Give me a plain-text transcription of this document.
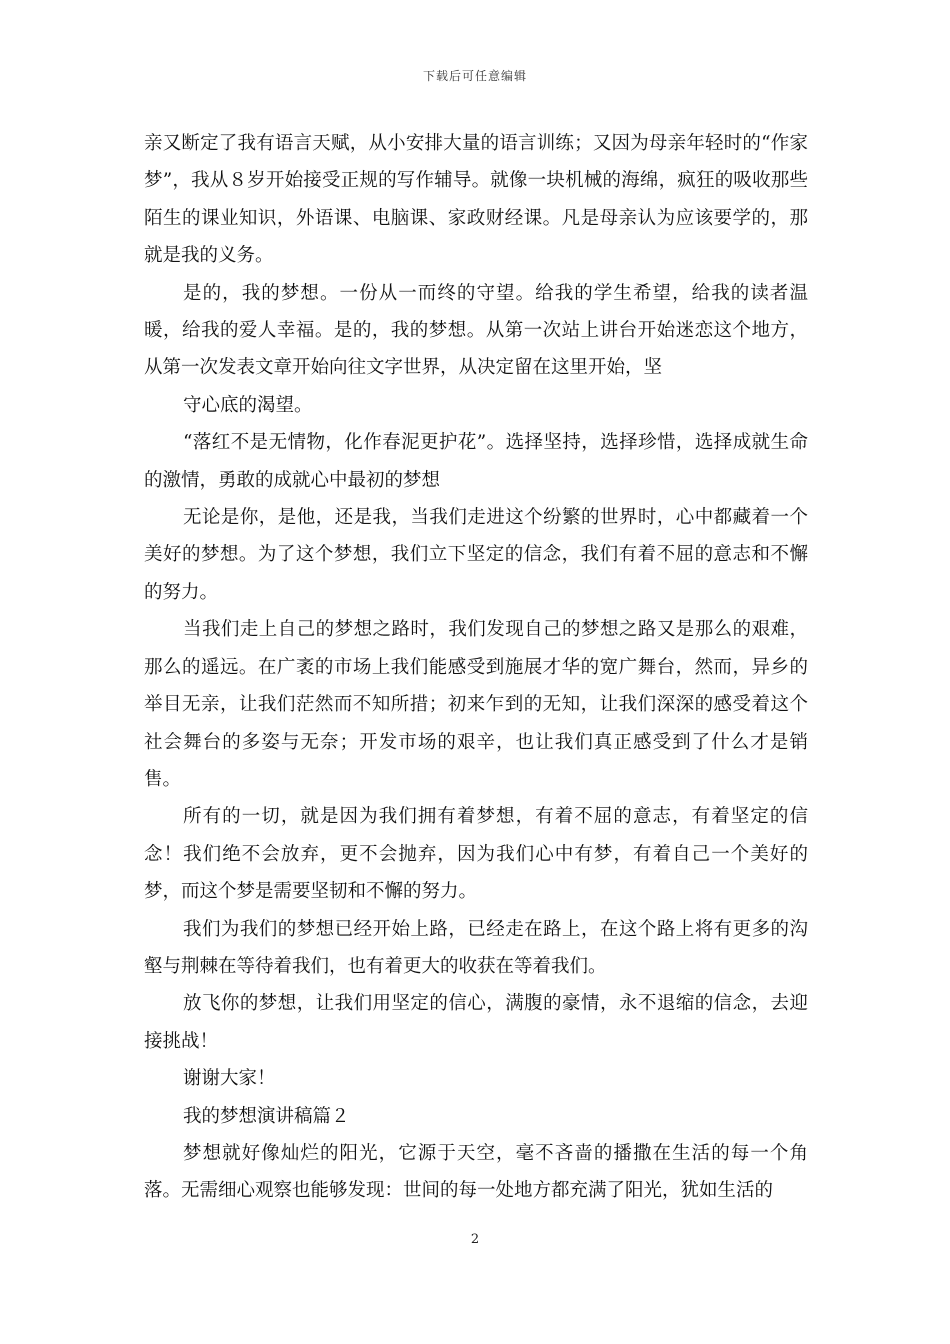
下载后可任意编辑

亲又断定了我有语言天赋，从小安排大量的语言训练；又因为母亲年轻时的“作家梦”，我从８岁开始接受正规的写作辅导。就像一块机械的海绵，疯狂的吸收那些陌生的课业知识，外语课、电脑课、家政财经课。凡是母亲认为应该要学的，那就是我的义务。

是的，我的梦想。一份从一而终的守望。给我的学生希望，给我的读者温暖，给我的爱人幸福。是的，我的梦想。从第一次站上讲台开始迷恋这个地方，从第一次发表文章开始向往文字世界，从决定留在这里开始，坚

守心底的渴望。

“落红不是无情物，化作春泥更护花”。选择坚持，选择珍惜，选择成就生命的激情，勇敢的成就心中最初的梦想

无论是你，是他，还是我，当我们走进这个纷繁的世界时，心中都藏着一个美好的梦想。为了这个梦想，我们立下坚定的信念，我们有着不屈的意志和不懈的努力。

当我们走上自己的梦想之路时，我们发现自己的梦想之路又是那么的艰难，那么的遥远。在广袤的市场上我们能感受到施展才华的宽广舞台，然而，异乡的举目无亲，让我们茫然而不知所措；初来乍到的无知，让我们深深的感受着这个社会舞台的多姿与无奈；开发市场的艰辛，也让我们真正感受到了什么才是销售。

所有的一切，就是因为我们拥有着梦想，有着不屈的意志，有着坚定的信念！我们绝不会放弃，更不会抛弃，因为我们心中有梦，有着自己一个美好的梦，而这个梦是需要坚韧和不懈的努力。

我们为我们的梦想已经开始上路，已经走在路上，在这个路上将有更多的沟壑与荆棘在等待着我们，也有着更大的收获在等着我们。

放飞你的梦想，让我们用坚定的信心，满腹的豪情，永不退缩的信念，去迎接挑战！

谢谢大家！

我的梦想演讲稿篇２

梦想就好像灿烂的阳光，它源于天空，毫不吝啬的播撒在生活的每一个角落。无需细心观察也能够发现：世间的每一处地方都充满了阳光，犹如生活的

2
